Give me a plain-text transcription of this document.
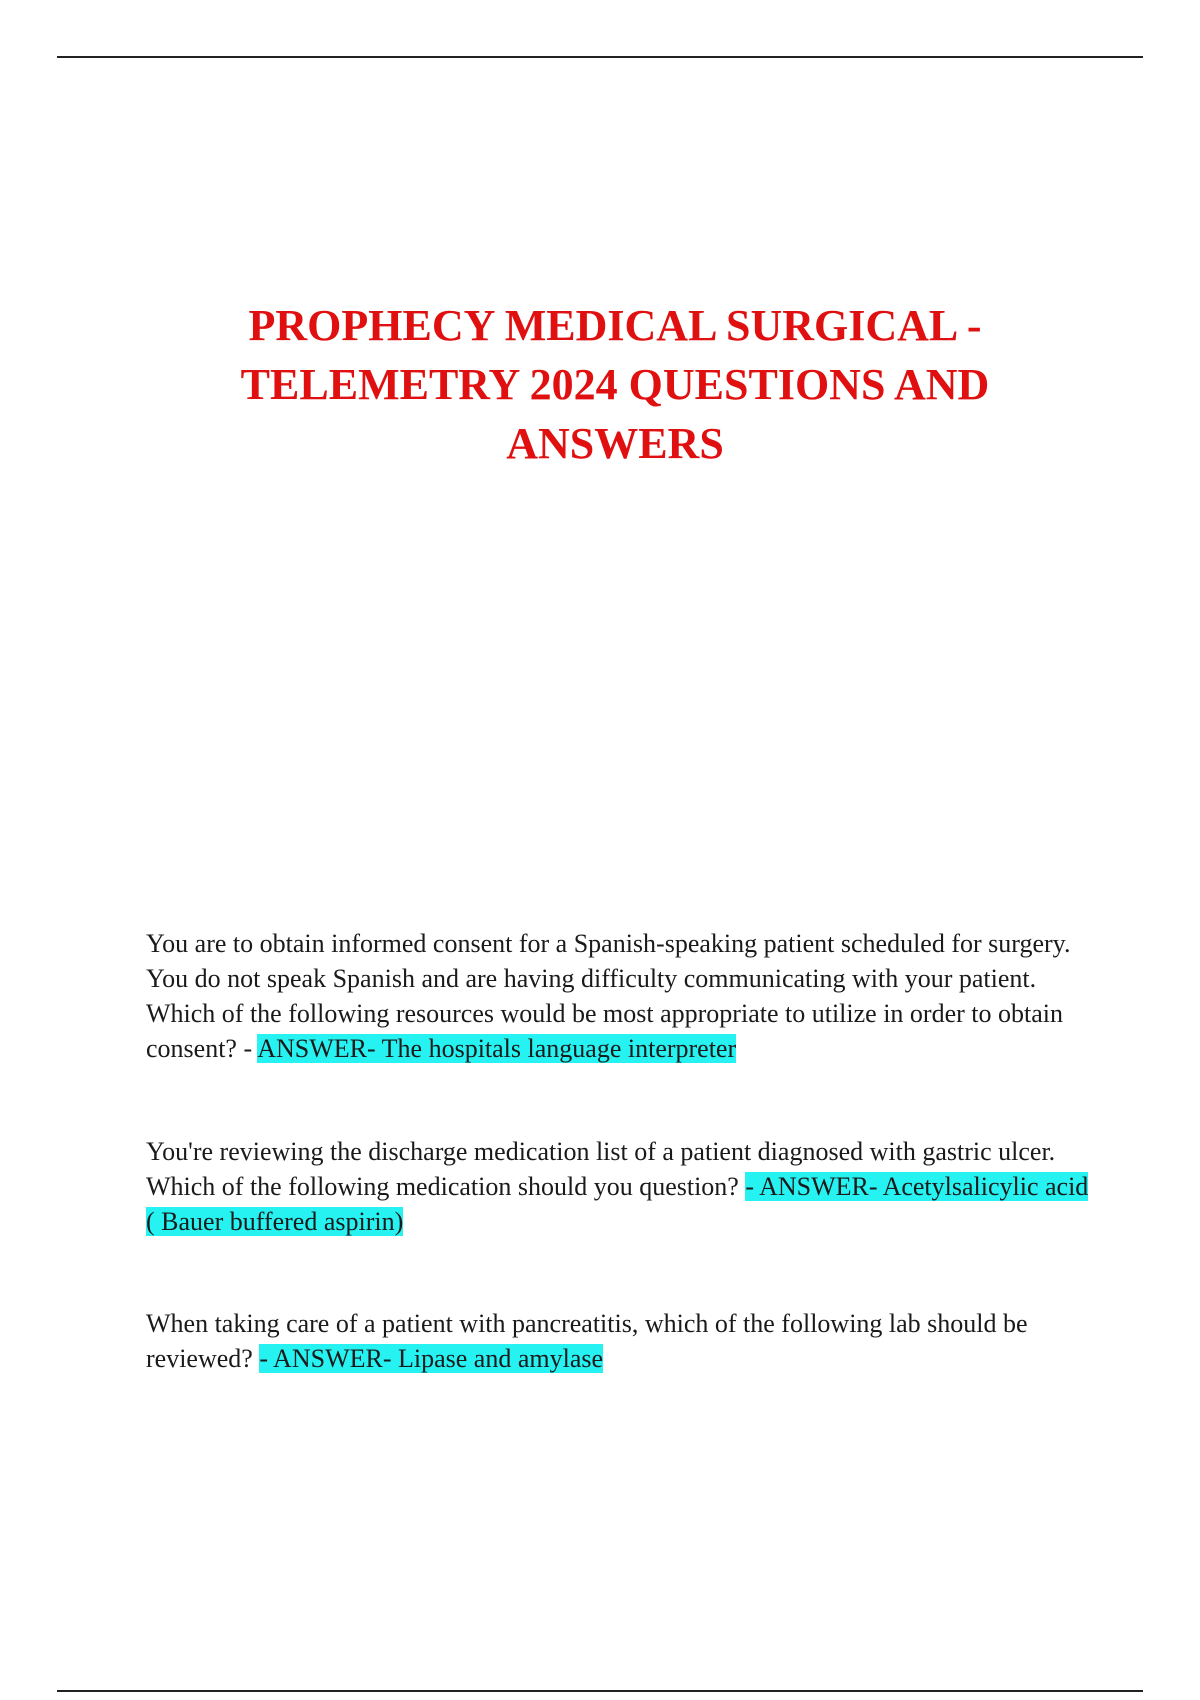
PROPHECY MEDICAL SURGICAL - TELEMETRY 2024 QUESTIONS AND ANSWERS

You are to obtain informed consent for a Spanish-speaking patient scheduled for surgery. You do not speak Spanish and are having difficulty communicating with your patient. Which of the following resources would be most appropriate to utilize in order to obtain consent? - ANSWER- The hospitals language interpreter

You're reviewing the discharge medication list of a patient diagnosed with gastric ulcer. Which of the following medication should you question? - ANSWER- Acetylsalicylic acid ( Bauer buffered aspirin)

When taking care of a patient with pancreatitis, which of the following lab should be reviewed? - ANSWER- Lipase and amylase
